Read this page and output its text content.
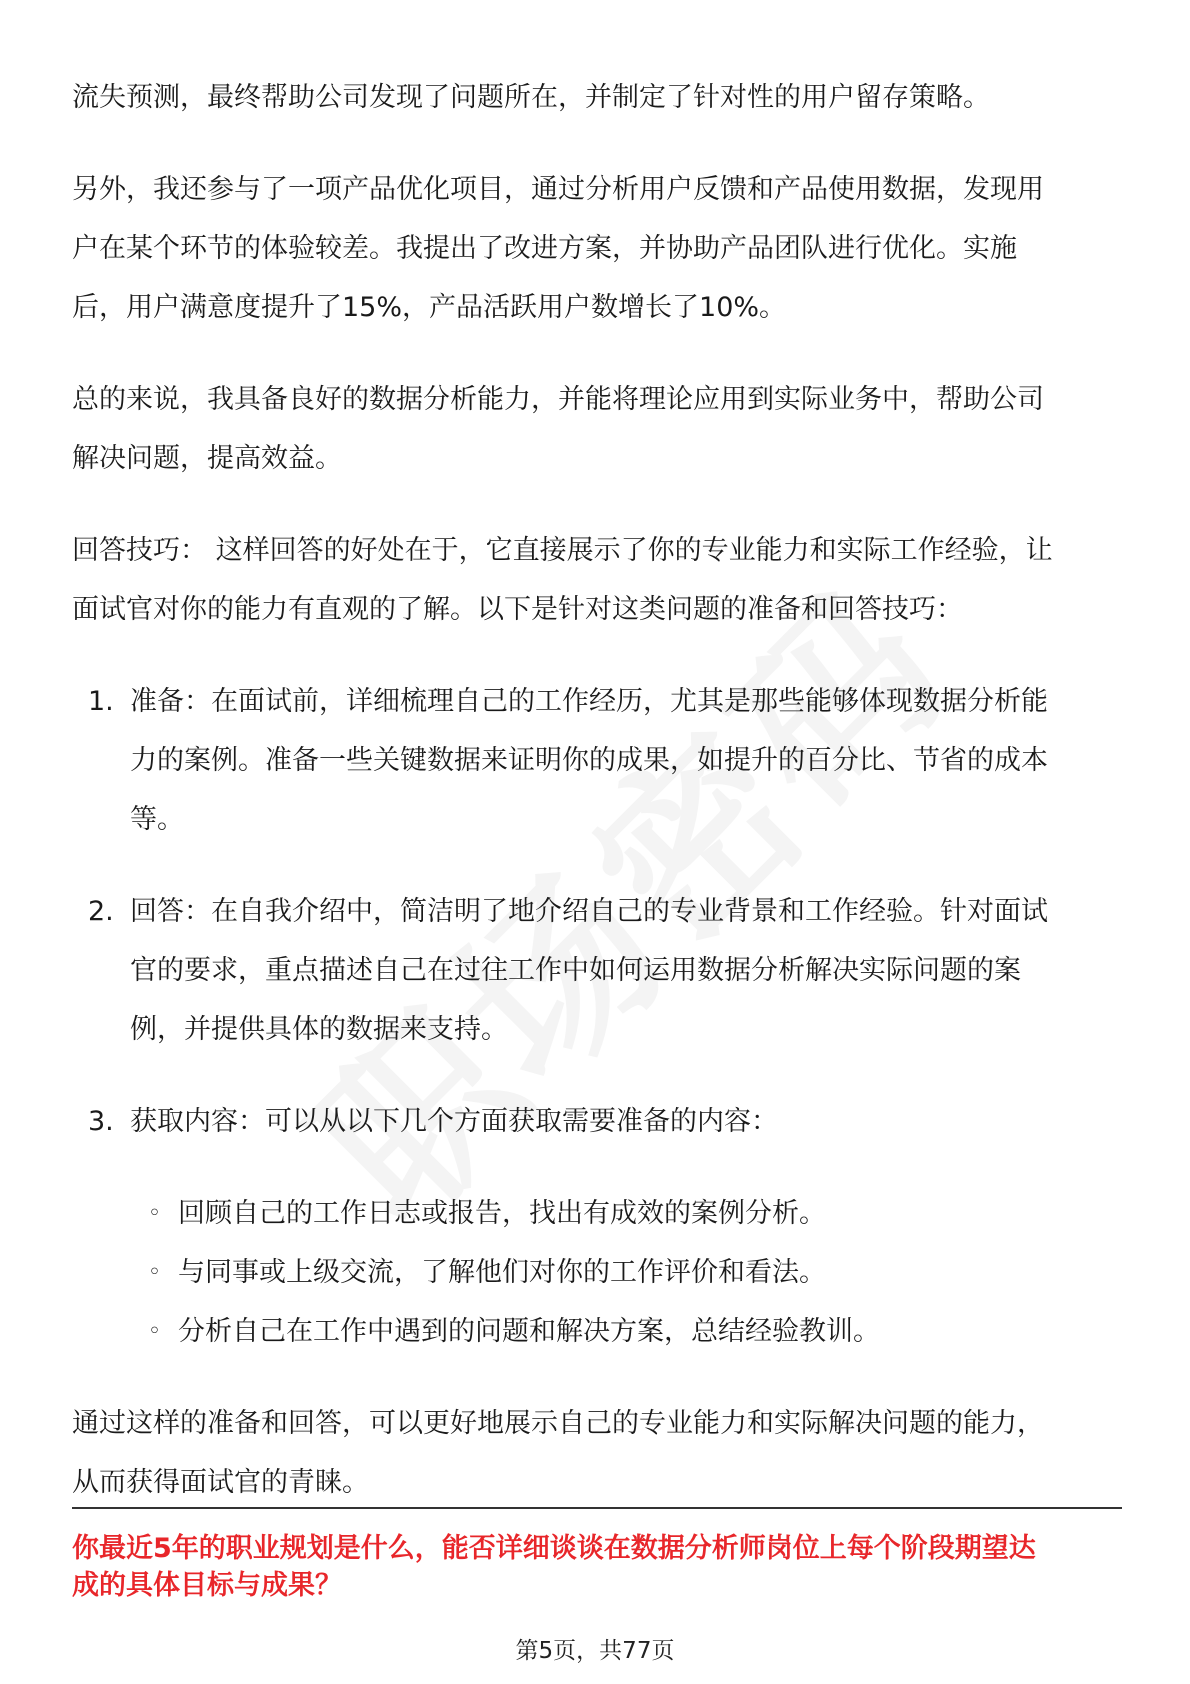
流失预测，最终帮助公司发现了问题所在，并制定了针对性的用户留存策略。

另外，我还参与了一项产品优化项目，通过分析用户反馈和产品使用数据，发现用

户在某个环节的体验较差。我提出了改进方案，并协助产品团队进行优化。实施

后，用户满意度提升了15%，产品活跃用户数增长了10%。

总的来说，我具备良好的数据分析能力，并能将理论应用到实际业务中，帮助公司

解决问题，提高效益。

回答技巧： 这样回答的好处在于，它直接展示了你的专业能力和实际工作经验，让

面试官对你的能力有直观的了解。以下是针对这类问题的准备和回答技巧：

1. 准备：在面试前，详细梳理自己的工作经历，尤其是那些能够体现数据分析能

力的案例。准备一些关键数据来证明你的成果，如提升的百分比、节省的成本

等。

2. 回答：在自我介绍中，简洁明了地介绍自己的专业背景和工作经验。针对面试

官的要求，重点描述自己在过往工作中如何运用数据分析解决实际问题的案

例，并提供具体的数据来支持。

3. 获取内容：可以从以下几个方面获取需要准备的内容：

◦ 回顾自己的工作日志或报告，找出有成效的案例分析。
◦ 与同事或上级交流，了解他们对你的工作评价和看法。
◦ 分析自己在工作中遇到的问题和解决方案，总结经验教训。

通过这样的准备和回答，可以更好地展示自己的专业能力和实际解决问题的能力，

从而获得面试官的青睐。

你最近5年的职业规划是什么，能否详细谈谈在数据分析师岗位上每个阶段期望达
成的具体目标与成果？
第5页，共77页
